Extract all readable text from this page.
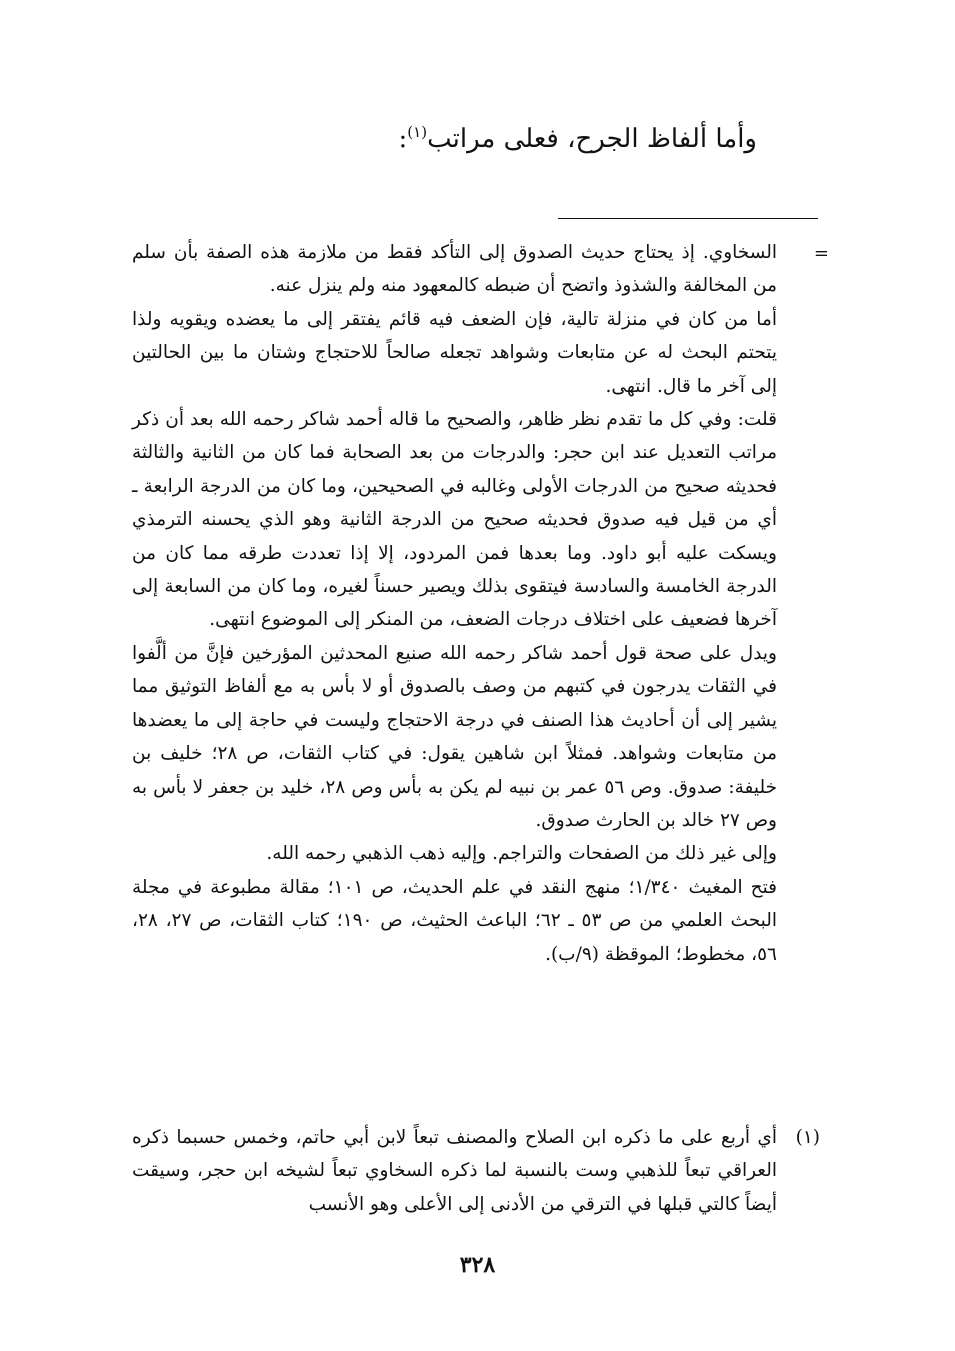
وأما ألفاظ الجرح، فعلى مراتب$^{(١)}$:
=

السخاوي. إذ يحتاج حديث الصدوق إلى التأكد فقط من ملازمة هذه الصفة بأن سلم من المخالفة والشذوذ واتضح أن ضبطه كالمعهود منه ولم ينزل عنه.

أما من كان في منزلة تالية، فإن الضعف فيه قائم يفتقر إلى ما يعضده ويقويه ولذا يتحتم البحث له عن متابعات وشواهد تجعله صالحاً للاحتجاج وشتان ما بين الحالتين إلى آخر ما قال. انتهى.

قلت: وفي كل ما تقدم نظر ظاهر، والصحيح ما قاله أحمد شاكر رحمه الله بعد أن ذكر مراتب التعديل عند ابن حجر: والدرجات من بعد الصحابة فما كان من الثانية والثالثة فحديثه صحيح من الدرجات الأولى وغالبه في الصحيحين، وما كان من الدرجة الرابعة ـ أي من قيل فيه صدوق فحديثه صحيح من الدرجة الثانية وهو الذي يحسنه الترمذي ويسكت عليه أبو داود. وما بعدها فمن المردود، إلا إذا تعددت طرقه مما كان من الدرجة الخامسة والسادسة فيتقوى بذلك ويصير حسناً لغيره، وما كان من السابعة إلى آخرها فضعيف على اختلاف درجات الضعف، من المنكر إلى الموضوع انتهى.

ويدل على صحة قول أحمد شاكر رحمه الله صنيع المحدثين المؤرخين فإنَّ من ألَّفوا في الثقات يدرجون في كتبهم من وصف بالصدوق أو لا بأس به مع ألفاظ التوثيق مما يشير إلى أن أحاديث هذا الصنف في درجة الاحتجاج وليست في حاجة إلى ما يعضدها من متابعات وشواهد. فمثلاً ابن شاهين يقول: في كتاب الثقات، ص ٢٨؛ خليف بن خليفة: صدوق. وص ٥٦ عمر بن نبيه لم يكن به بأس وص ٢٨، خليد بن جعفر لا بأس به وص ٢٧ خالد بن الحارث صدوق.

وإلى غير ذلك من الصفحات والتراجم. وإليه ذهب الذهبي رحمه الله.

فتح المغيث ١/٣٤٠؛ منهج النقد في علم الحديث، ص ١٠١؛ مقالة مطبوعة في مجلة البحث العلمي من ص ٥٣ ـ ٦٢؛ الباعث الحثيث، ص ١٩٠؛ كتاب الثقات، ص ٢٧، ٢٨، ٥٦، مخطوط؛ الموقظة (٩/ب).

(١)

أي أربع على ما ذكره ابن الصلاح والمصنف تبعاً لابن أبي حاتم، وخمس حسبما ذكره العراقي تبعاً للذهبي وست بالنسبة لما ذكره السخاوي تبعاً لشيخه ابن حجر، وسيقت أيضاً كالتي قبلها في الترقي من الأدنى إلى الأعلى وهو الأنسب

٣٢٨
